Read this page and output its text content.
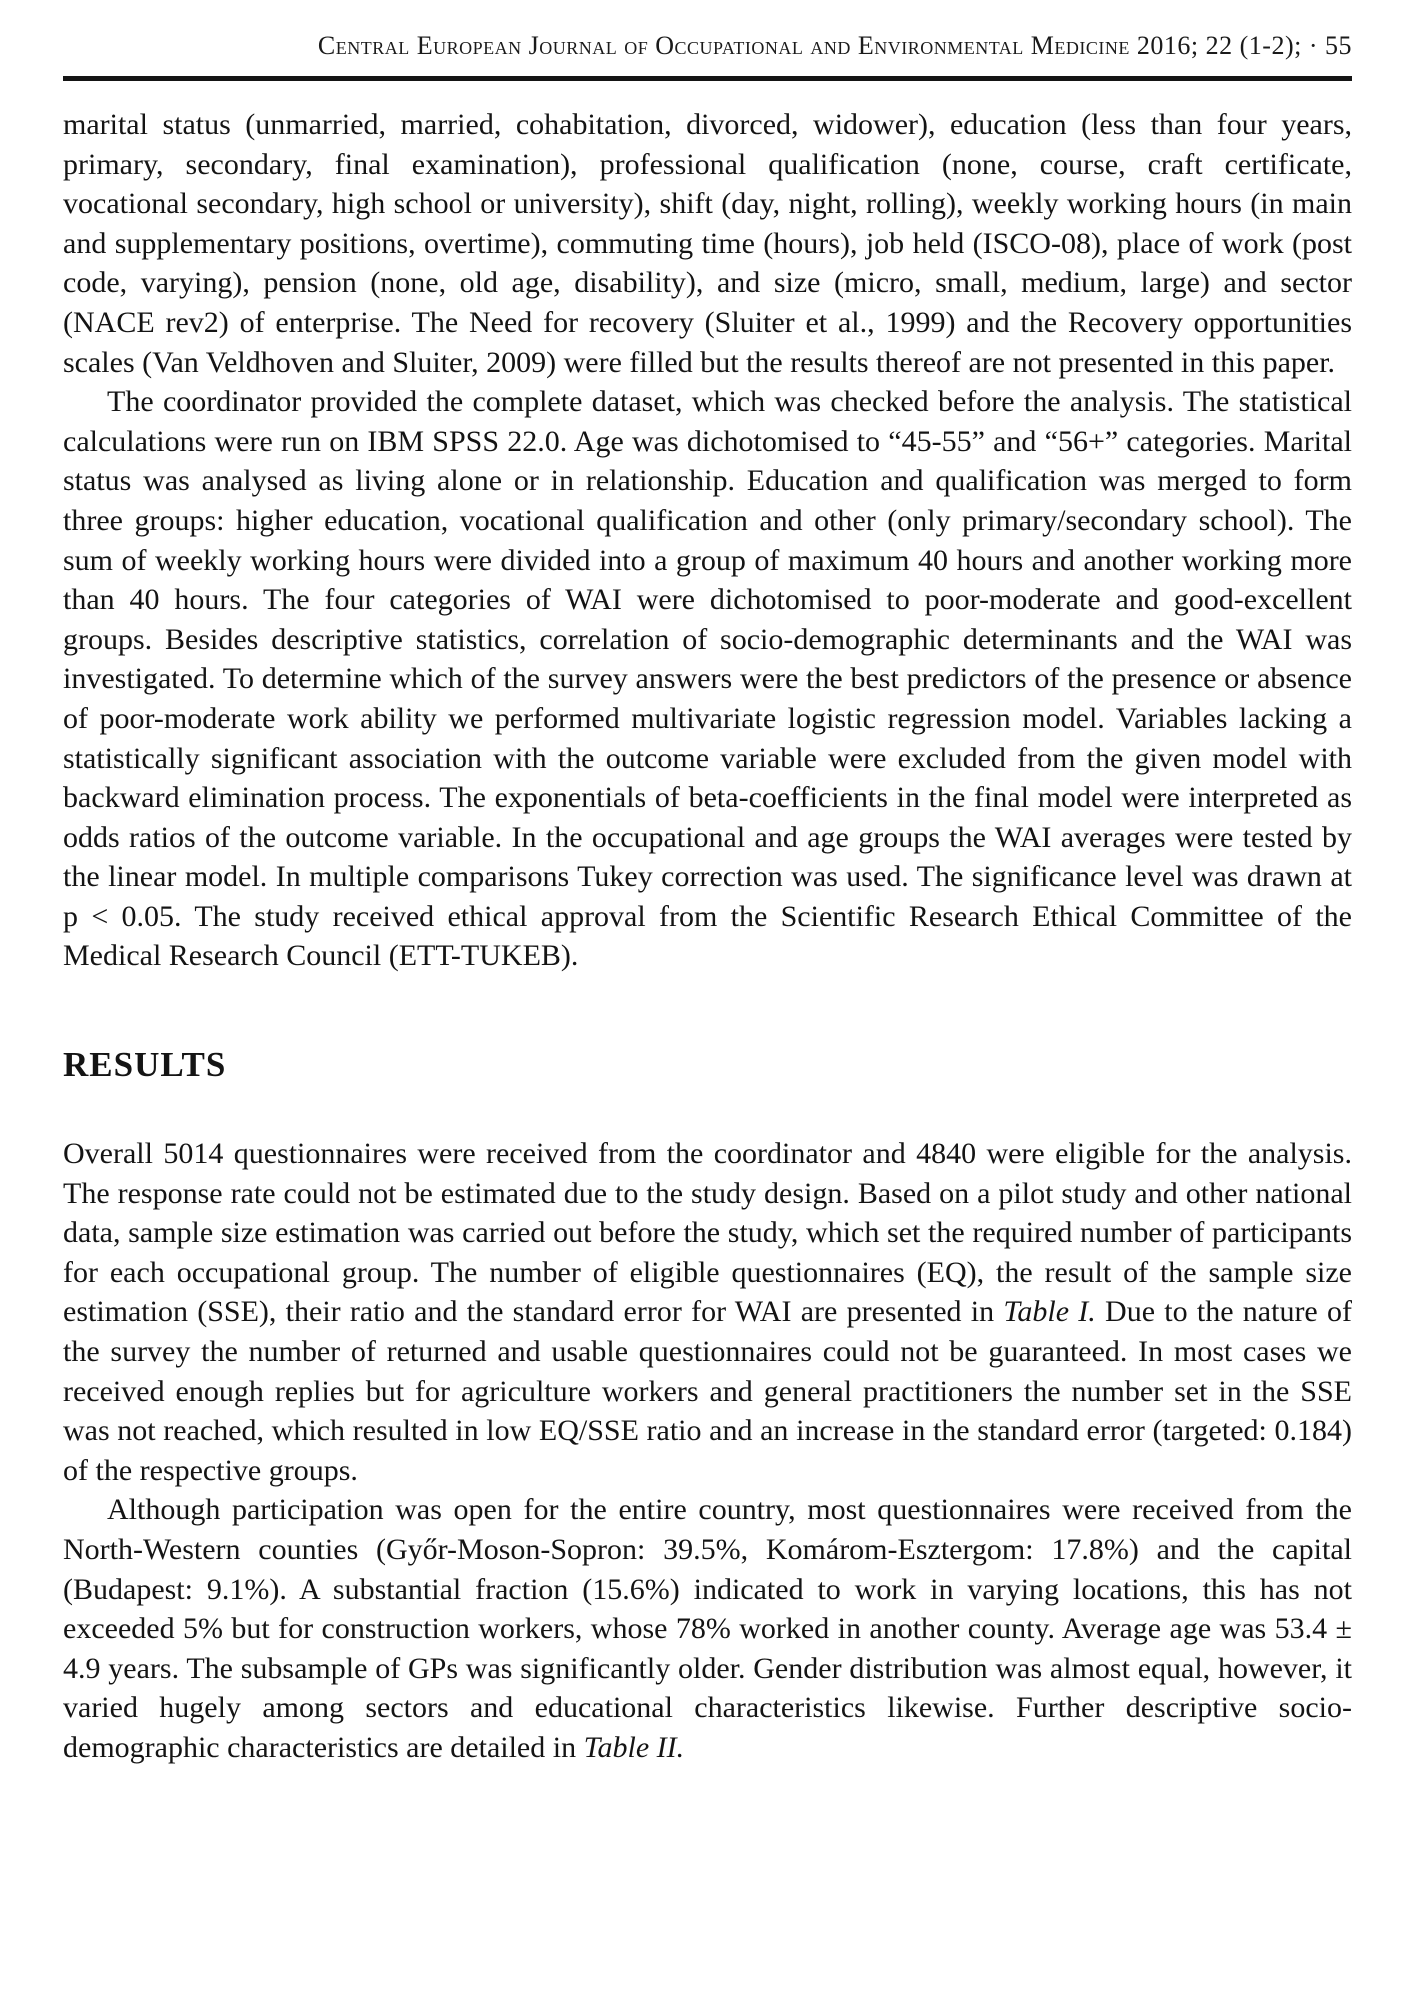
Central European Journal of Occupational and Environmental Medicine 2016; 22 (1-2); · 55

marital status (unmarried, married, cohabitation, divorced, widower), education (less than four years, primary, secondary, final examination), professional qualification (none, course, craft certificate, vocational secondary, high school or university), shift (day, night, rolling), weekly working hours (in main and supplementary positions, overtime), commuting time (hours), job held (ISCO-08), place of work (post code, varying), pension (none, old age, disability), and size (micro, small, medium, large) and sector (NACE rev2) of enterprise. The Need for recovery (Sluiter et al., 1999) and the Recovery opportunities scales (Van Veldhoven and Sluiter, 2009) were filled but the results thereof are not presented in this paper.

The coordinator provided the complete dataset, which was checked before the analysis. The statistical calculations were run on IBM SPSS 22.0. Age was dichotomised to “45-55” and “56+” categories. Marital status was analysed as living alone or in relationship. Education and qualification was merged to form three groups: higher education, vocational qualification and other (only primary/secondary school). The sum of weekly working hours were divided into a group of maximum 40 hours and another working more than 40 hours. The four categories of WAI were dichotomised to poor-moderate and good-excellent groups. Besides descriptive statistics, correlation of socio-demographic determinants and the WAI was investigated. To determine which of the survey answers were the best predictors of the presence or absence of poor-moderate work ability we performed multivariate logistic regression model. Variables lacking a statistically significant association with the outcome variable were excluded from the given model with backward elimination process. The exponentials of beta-coefficients in the final model were interpreted as odds ratios of the outcome variable. In the occupational and age groups the WAI averages were tested by the linear model. In multiple comparisons Tukey correction was used. The significance level was drawn at p < 0.05. The study received ethical approval from the Scientific Research Ethical Committee of the Medical Research Council (ETT-TUKEB).

RESULTS

Overall 5014 questionnaires were received from the coordinator and 4840 were eligible for the analysis. The response rate could not be estimated due to the study design. Based on a pilot study and other national data, sample size estimation was carried out before the study, which set the required number of participants for each occupational group. The number of eligible questionnaires (EQ), the result of the sample size estimation (SSE), their ratio and the standard error for WAI are presented in Table I. Due to the nature of the survey the number of returned and usable questionnaires could not be guaranteed. In most cases we received enough replies but for agriculture workers and general practitioners the number set in the SSE was not reached, which resulted in low EQ/SSE ratio and an increase in the standard error (targeted: 0.184) of the respective groups.

Although participation was open for the entire country, most questionnaires were received from the North-Western counties (Győr-Moson-Sopron: 39.5%, Komárom-Esztergom: 17.8%) and the capital (Budapest: 9.1%). A substantial fraction (15.6%) indicated to work in varying locations, this has not exceeded 5% but for construction workers, whose 78% worked in another county. Average age was 53.4 ± 4.9 years. The subsample of GPs was significantly older. Gender distribution was almost equal, however, it varied hugely among sectors and educational characteristics likewise. Further descriptive socio-demographic characteristics are detailed in Table II.
